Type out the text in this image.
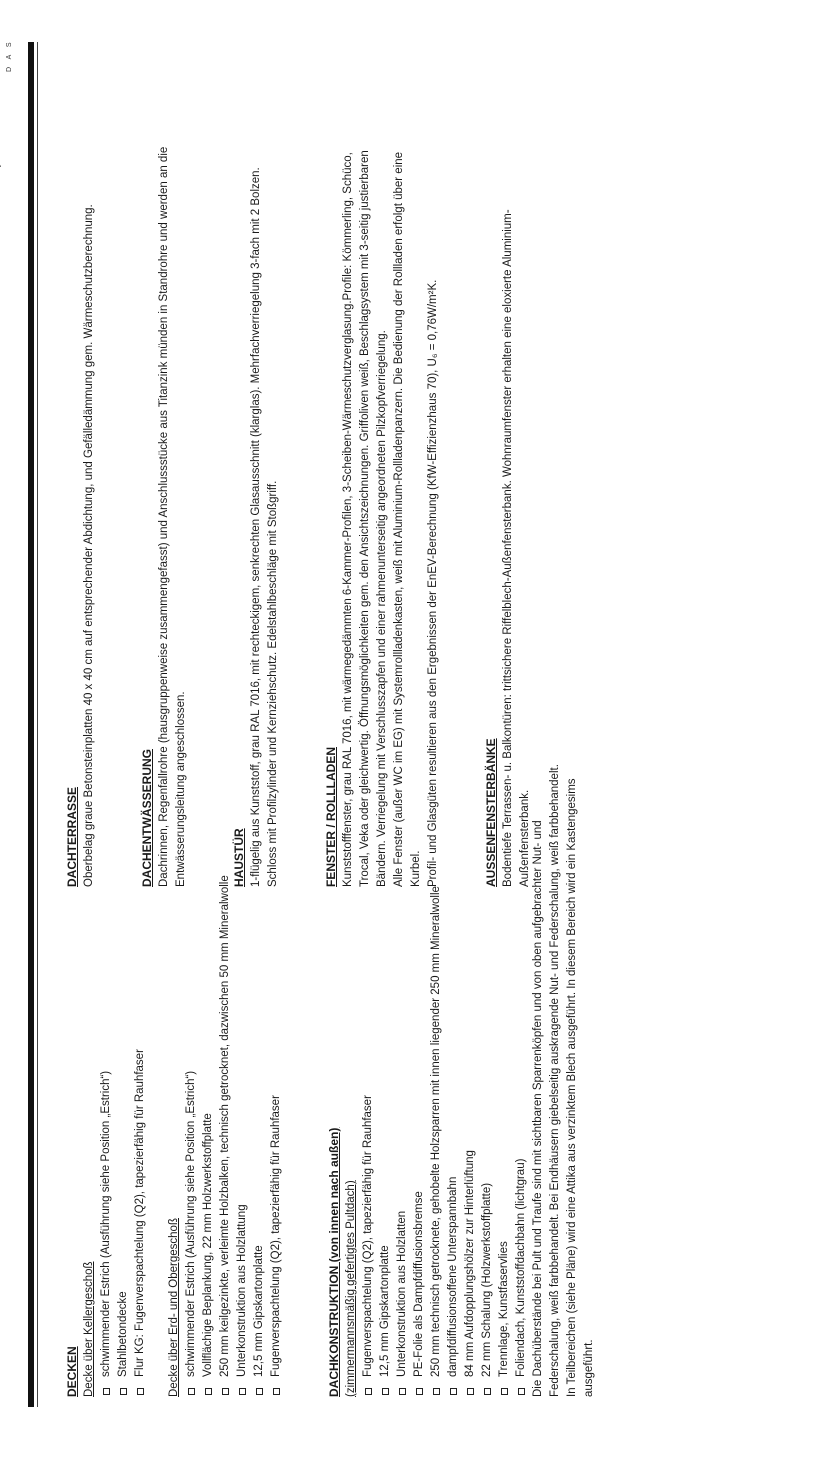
D A S

DECKEN Decke über Kellergeschoß schwimmender Estrich (Ausführung siehe Position „Estrich“) Stahlbetondecke Flur KG: Fugenverspachtelung (Q2), tapezierfähig für Rauhfaser Decke über Erd- und Obergeschoß schwimmender Estrich (Ausführung siehe Position „Estrich“) Vollflächige Beplankung, 22 mm Holzwerkstoffplatte 250 mm keilgezinkte, verleimte Holzbalken, technisch getrocknet, dazwischen 50 mm Mineralwolle Unterkonstruktion aus Holzlattung 12,5 mm Gipskartonplatte Fugenverspachtelung (Q2), tapezierfähig für Rauhfaser	DACHKONSTRUKTION (von innen nach außen) (zimmermannsmäßig gefertigtes Pultdach) Fugenverspachtelung (Q2), tapezierfähig für Rauhfaser 12,5 mm Gipskartonplatte Unterkonstruktion aus Holzlatten PE-Folie als Dampfdiffusionsbremse 250 mm technisch getrocknete, gehobelte Holzsparren mit innen liegender 250 mm Mineralwolle dampfdiffusionsoffene Unterspannbahn 84 mm Aufdopplungshölzer zur Hinterlüftung 22 mm Schalung (Holzwerkstoffplatte) Trennlage, Kunstfaservlies Foliendach, Kunststoffdachbahn (lichtgrau) Die Dachüberstände bei Pult und Traufe sind mit sichtbaren Sparrenköpfen und von oben aufgebrachter Nut- und Federschalung, weiß farbbehandelt. Bei Endhäusern giebelseitig auskragende Nut- und Federschalung, weiß farbbehandelt. In Teilbereichen (siehe Pläne) wird eine Attika aus verzinktem Blech ausgeführt. In diesem Bereich wird ein Kastengesims ausgeführt.

DACHTERRASSE Oberbelag graue Betonsteinplatten 40 x 40 cm auf entsprechender Abdichtung, und Gefälledämmung gem. Wärmeschutzberechnung.	DACHENTWÄSSERUNG Dachrinnen, Regenfallrohre (hausgruppenweise zusammengefasst) und Anschlussstücke aus Titanzink münden in Standrohre und werden an die Entwässerungsleitung angeschlossen.	HAUSTÜR 1-flügelig aus Kunststoff, grau RAL 7016, mit rechteckigem, senkrechten Glasausschnitt (klarglas). Mehrfachverriegelung 3-fach mit 2 Bolzen. Schloss mit Profilzylinder und Kernziehschutz. Edelstahlbeschläge mit Stoßgriff.	FENSTER / ROLLLADEN Kunststofffenster, grau RAL 7016, mit wärmegedämmten 6-Kammer-Profilen, 3-Scheiben-Wärmeschutzverglasung.Profile: Kömmerling, Schüco, Trocal, Veka oder gleichwertig. Öffnungsmöglichkeiten gem. den Ansichtszeichnungen. Griffoliven weiß, Beschlagsystem mit 3-seitig justierbaren Bändern. Verriegelung mit Verschlusszapfen und einer rahmenunterseitig angeordneten Pilzkopfverriegelung. Alle Fenster (außer WC im EG) mit Systemrollladenkasten, weiß mit Aluminium-Rollladenpanzern. Die Bedienung der Rollladen erfolgt über eine Kurbel. Profil- und Glasgüten resultieren aus den Ergebnissen der EnEV-Berechnung (KfW-Effizienzhaus 70), U₆ = 0,76W/m²K.	AUSSENFENSTERBÄNKE Bodentiefe Terrassen- u. Balkontüren: trittsichere Riffelblech-Außenfensterbank. Wohnraumfenster erhalten eine eloxierte Aluminium-Außenfensterbank.
